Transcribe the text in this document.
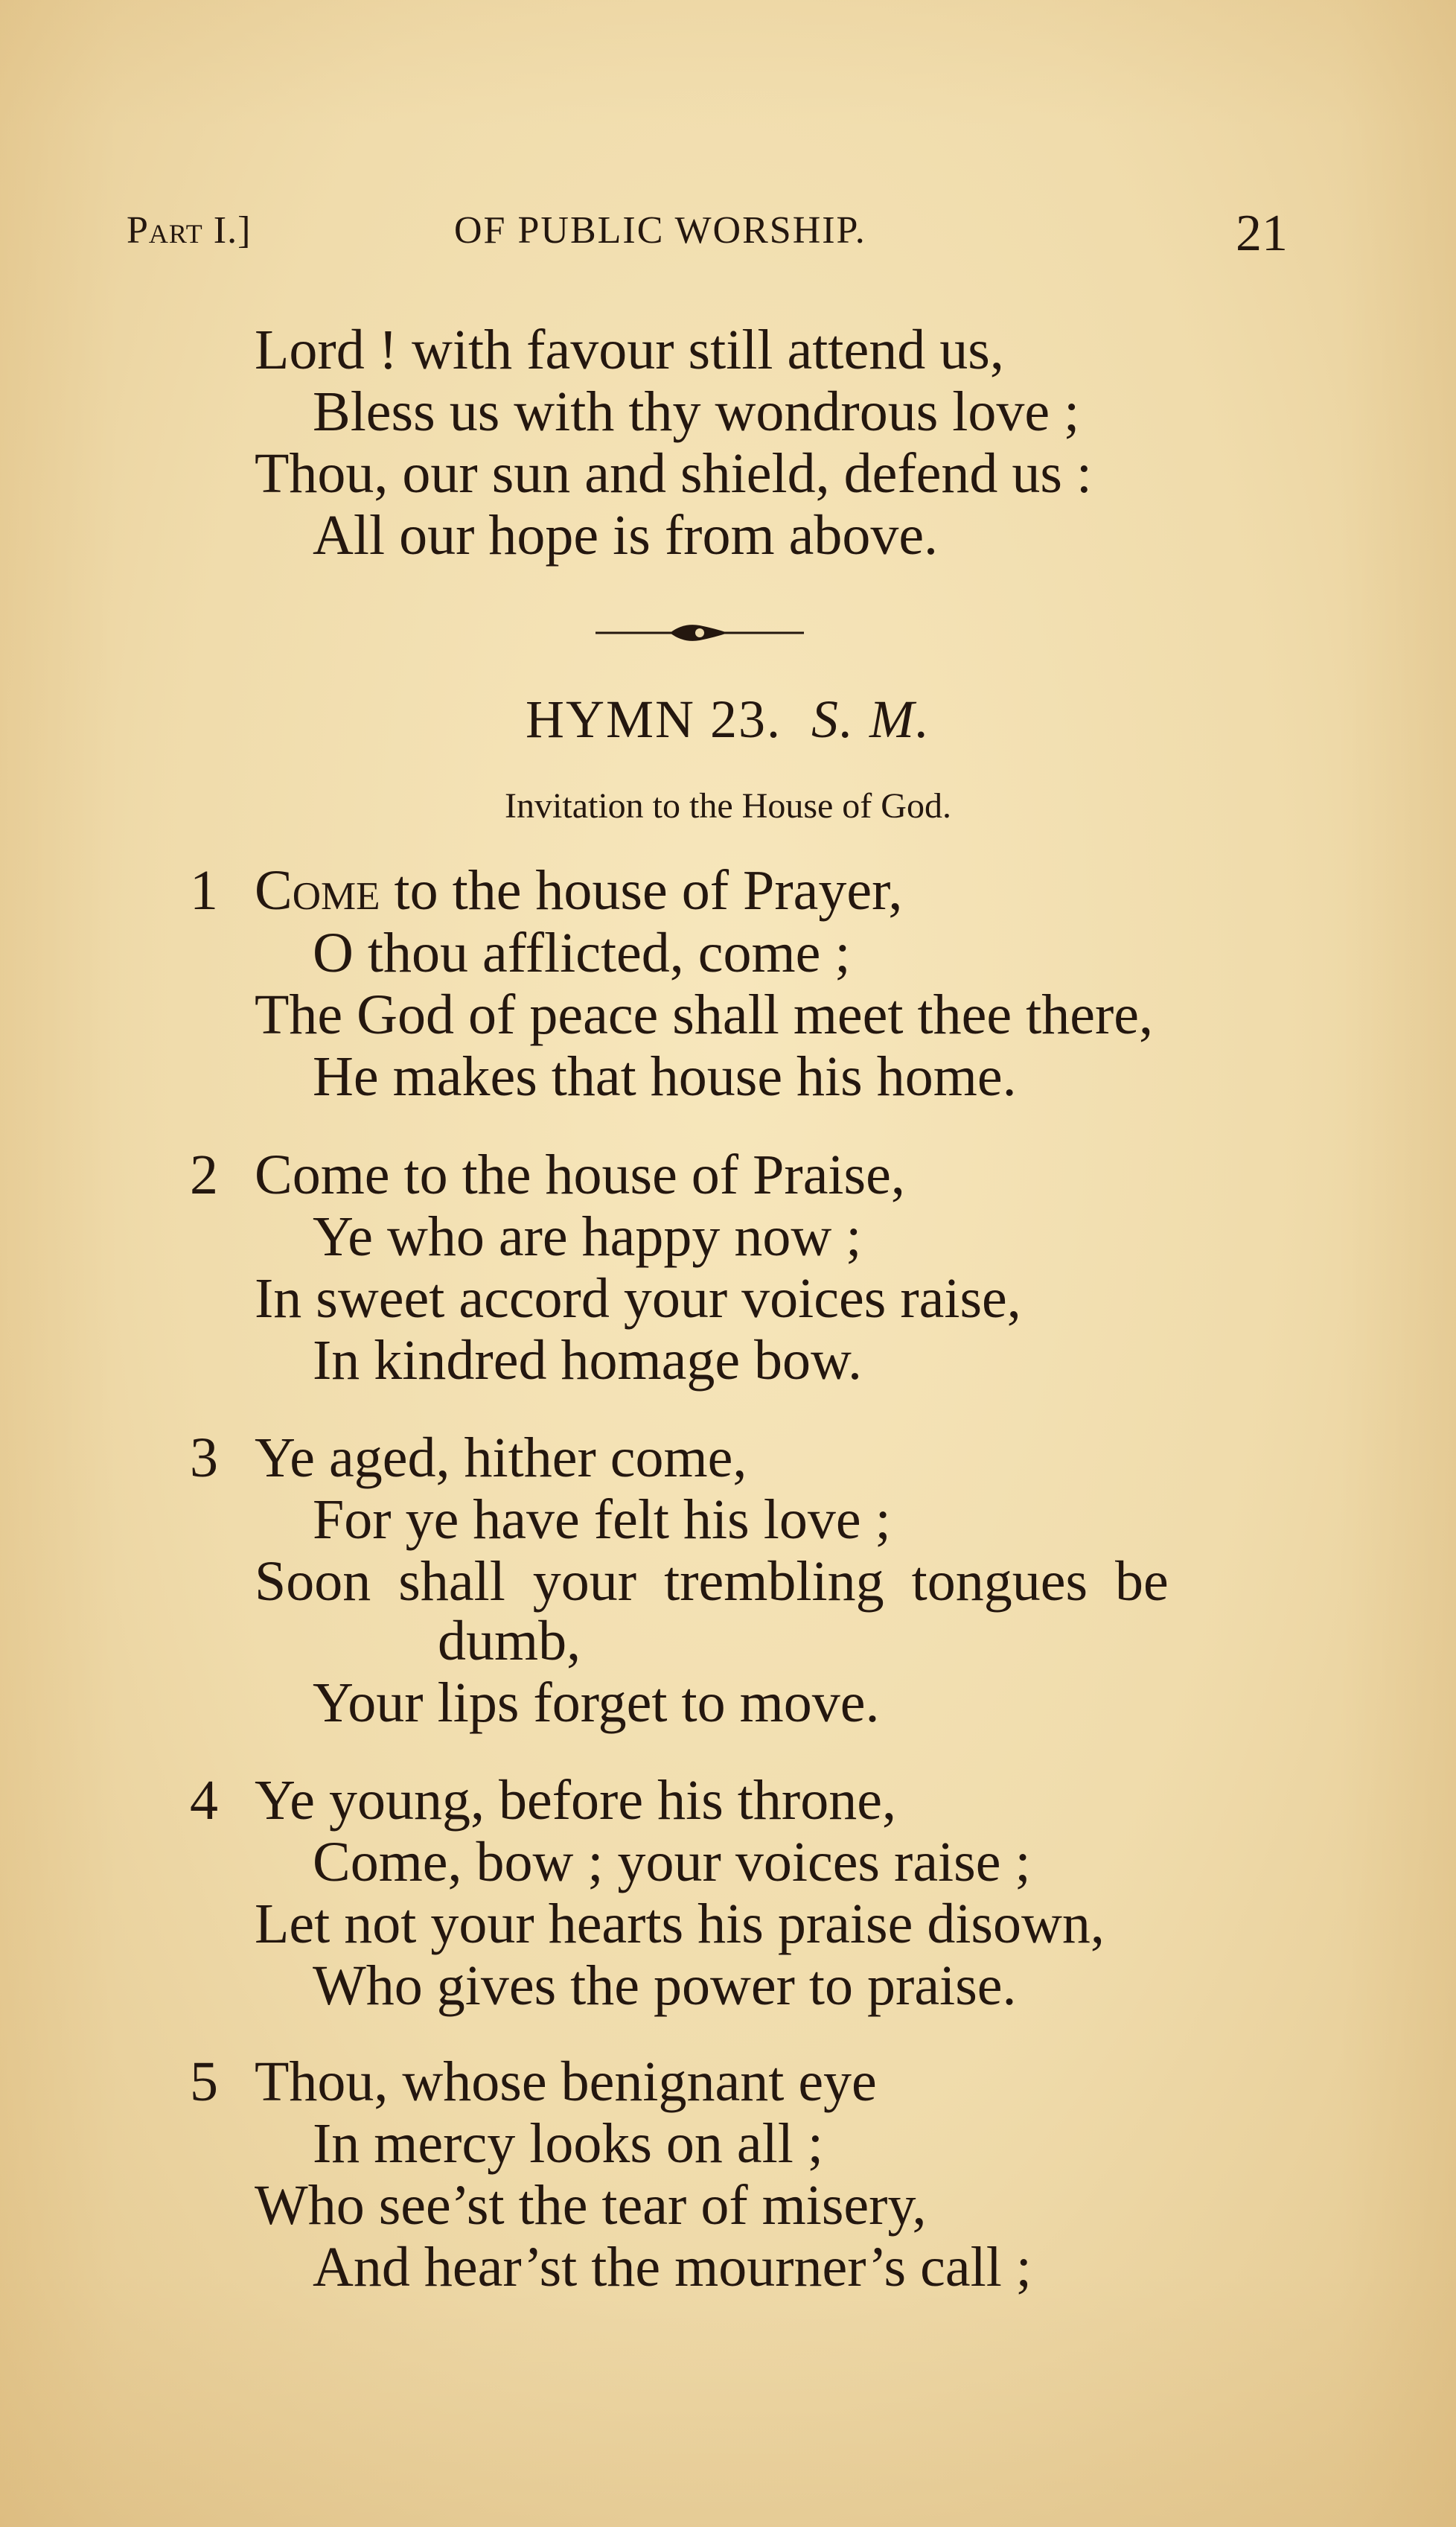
Part I.]	OF PUBLIC WORSHIP.	21
Lord ! with favour still attend us,
Bless us with thy wondrous love ;
Thou, our sun and shield, defend us :
All our hope is from above.
HYMN 23. S. M.
Invitation to the House of God.
1 Come to the house of Prayer,
O thou afflicted, come ;
The God of peace shall meet thee there,
He makes that house his home.
2 Come to the house of Praise,
Ye who are happy now ;
In sweet accord your voices raise,
In kindred homage bow.
3 Ye aged, hither come,
For ye have felt his love ;
Soon shall your trembling tongues be
dumb,
Your lips forget to move.
4 Ye young, before his throne,
Come, bow ; your voices raise ;
Let not your hearts his praise disown,
Who gives the power to praise.
5 Thou, whose benignant eye
In mercy looks on all ;
Who see’st the tear of misery,
And hear’st the mourner’s call ;
